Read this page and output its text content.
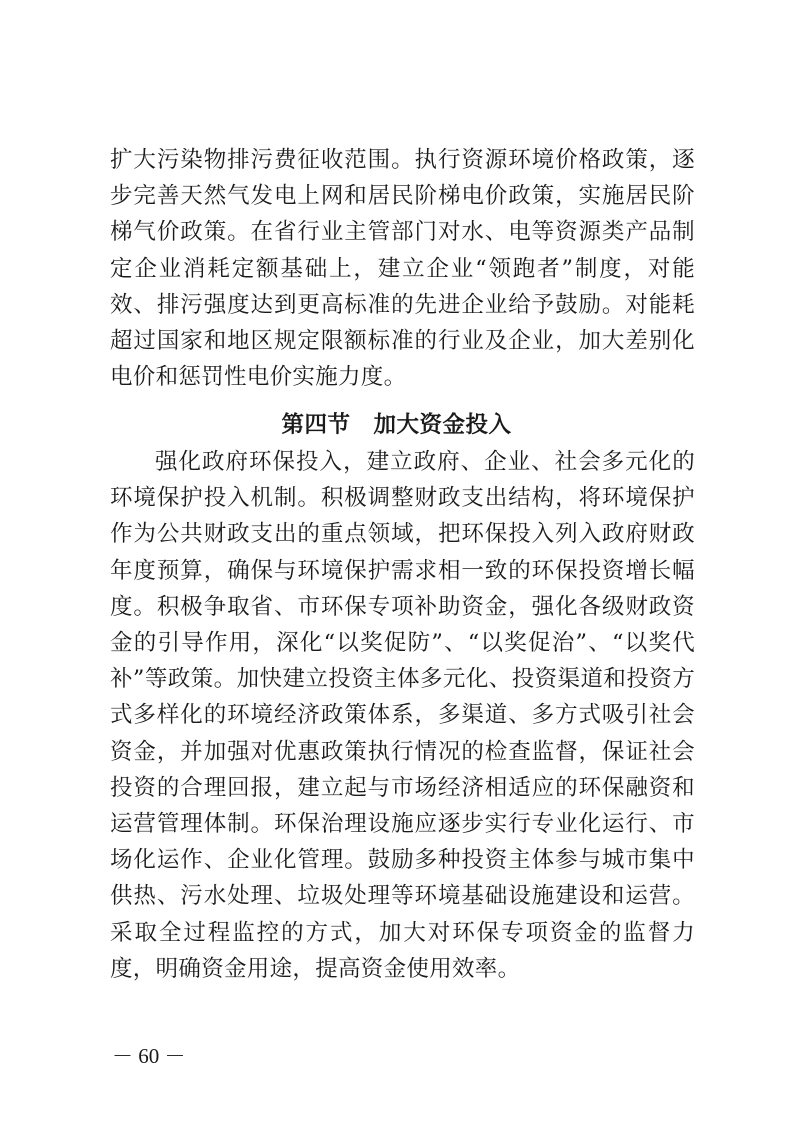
扩大污染物排污费征收范围。执行资源环境价格政策，逐步完善天然气发电上网和居民阶梯电价政策，实施居民阶梯气价政策。在省行业主管部门对水、电等资源类产品制定企业消耗定额基础上，建立企业“领跑者”制度，对能效、排污强度达到更高标准的先进企业给予鼓励。对能耗超过国家和地区规定限额标准的行业及企业，加大差别化电价和惩罚性电价实施力度。

第四节　加大资金投入

强化政府环保投入，建立政府、企业、社会多元化的环境保护投入机制。积极调整财政支出结构，将环境保护作为公共财政支出的重点领域，把环保投入列入政府财政年度预算，确保与环境保护需求相一致的环保投资增长幅度。积极争取省、市环保专项补助资金，强化各级财政资金的引导作用，深化“以奖促防”、“以奖促治”、“以奖代补”等政策。加快建立投资主体多元化、投资渠道和投资方式多样化的环境经济政策体系，多渠道、多方式吸引社会资金，并加强对优惠政策执行情况的检查监督，保证社会投资的合理回报，建立起与市场经济相适应的环保融资和运营管理体制。环保治理设施应逐步实行专业化运行、市场化运作、企业化管理。鼓励多种投资主体参与城市集中供热、污水处理、垃圾处理等环境基础设施建设和运营。采取全过程监控的方式，加大对环保专项资金的监督力度，明确资金用途，提高资金使用效率。

－ 60 －
